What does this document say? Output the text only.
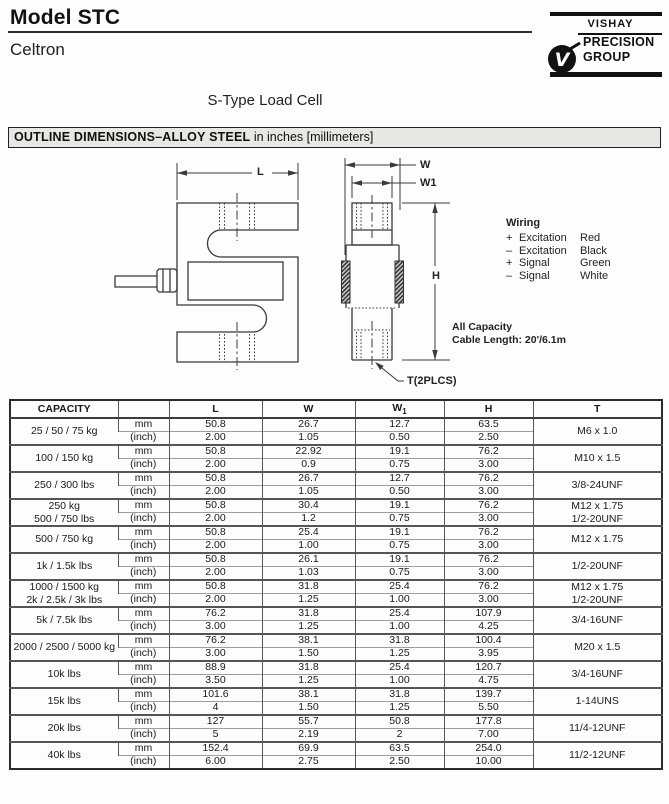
Model STC
Celtron
VISHAY
V
PRECISION
GROUP
S-Type Load Cell
OUTLINE DIMENSIONS–ALLOY STEEL in inches [millimeters]
L
W
W1
H
T(2PLCS)
Wiring
+ Excitation	Red
– Excitation	Black
+ Signal	Green
– Signal	White
All Capacity
Cable Length: 20'/6.1m
CAPACITY		L	W	$W_1$	H	T
25 / 50 / 75 kg	mm	50.8	26.7	12.7	63.5	M6 x 1.0
	(inch)	2.00	1.05	0.50	2.50	
100 / 150 kg	mm	50.8	22.92	19.1	76.2	M10 x 1.5
	(inch)	2.00	0.9	0.75	3.00	
250 / 300 lbs	mm	50.8	26.7	12.7	76.2	3/8-24UNF
	(inch)	2.00	1.05	0.50	3.00	
250 kg
500 / 750 lbs	mm	50.8	30.4	19.1	76.2	M12 x 1.75
1/2-20UNF
	(inch)	2.00	1.2	0.75	3.00	
500 / 750 kg	mm	50.8	25.4	19.1	76.2	M12 x 1.75
	(inch)	2.00	1.00	0.75	3.00	
1k / 1.5k lbs	mm	50.8	26.1	19.1	76.2	1/2-20UNF
	(inch)	2.00	1.03	0.75	3.00	
1000 / 1500 kg
2k / 2.5k / 3k lbs	mm	50.8	31.8	25.4	76.2	M12 x 1.75
1/2-20UNF
	(inch)	2.00	1.25	1.00	3.00	
5k / 7.5k lbs	mm	76.2	31.8	25.4	107.9	3/4-16UNF
	(inch)	3.00	1.25	1.00	4.25	
2000 / 2500 / 5000 kg	mm	76.2	38.1	31.8	100.4	M20 x 1.5
	(inch)	3.00	1.50	1.25	3.95	
10k lbs	mm	88.9	31.8	25.4	120.7	3/4-16UNF
	(inch)	3.50	1.25	1.00	4.75	
15k lbs	mm	101.6	38.1	31.8	139.7	1-14UNS
	(inch)	4	1.50	1.25	5.50	
20k lbs	mm	127	55.7	50.8	177.8	11/4-12UNF
	(inch)	5	2.19	2	7.00	
40k lbs	mm	152.4	69.9	63.5	254.0	11/2-12UNF
	(inch)	6.00	2.75	2.50	10.00	
